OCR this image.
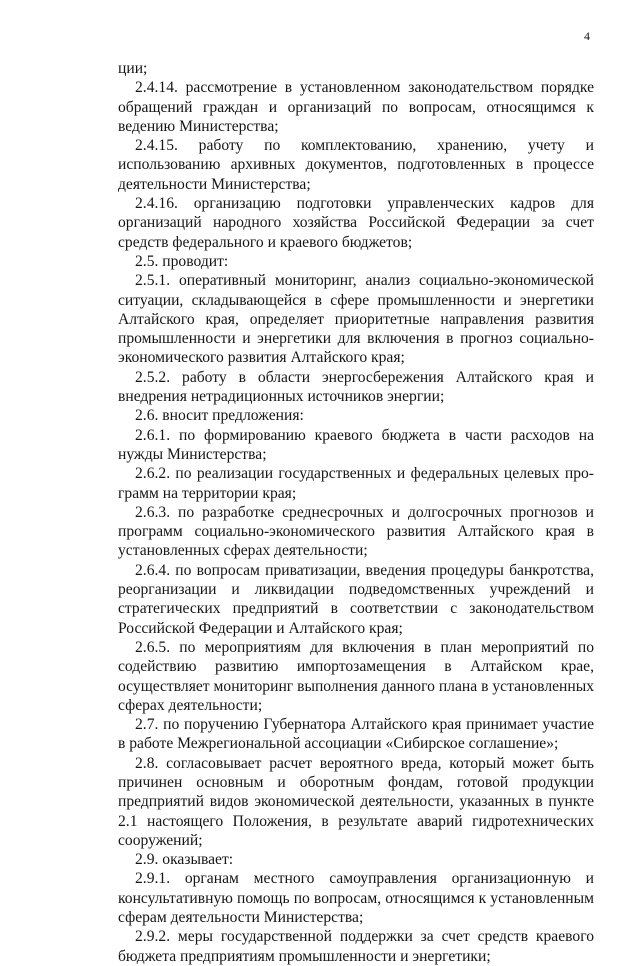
4

ции;

2.4.14. рассмотрение в установленном законодательством порядке обращений граждан и организаций по вопросам, относящимся к ведению Министерства;

2.4.15. работу по комплектованию, хранению, учету и использованию архивных документов, подготовленных в процессе деятельности Министерства;

2.4.16. организацию подготовки управленческих кадров для организаций народного хозяйства Российской Федерации за счет средств федерального и краевого бюджетов;

2.5. проводит:

2.5.1. оперативный мониторинг, анализ социально-экономической ситуации, складывающейся в сфере промышленности и энергетики Алтайского края, определяет приоритетные направления развития промышленности и энергетики для включения в прогноз социально-экономического развития Алтайского края;

2.5.2. работу в области энергосбережения Алтайского края и внедрения нетрадиционных источников энергии;

2.6. вносит предложения:

2.6.1. по формированию краевого бюджета в части расходов на нужды Министерства;

2.6.2. по реализации государственных и федеральных целевых программ на территории края;

2.6.3. по разработке среднесрочных и долгосрочных прогнозов и программ социально-экономического развития Алтайского края в установленных сферах деятельности;

2.6.4. по вопросам приватизации, введения процедуры банкротства, реорганизации и ликвидации подведомственных учреждений и стратегических предприятий в соответствии с законодательством Российской Федерации и Алтайского края;

2.6.5. по мероприятиям для включения в план мероприятий по содействию развитию импортозамещения в Алтайском крае, осуществляет мониторинг выполнения данного плана в установленных сферах деятельности;

2.7. по поручению Губернатора Алтайского края принимает участие в работе Межрегиональной ассоциации «Сибирское соглашение»;

2.8. согласовывает расчет вероятного вреда, который может быть причинен основным и оборотным фондам, готовой продукции предприятий видов экономической деятельности, указанных в пункте 2.1 настоящего Положения, в результате аварий гидротехнических сооружений;

2.9. оказывает:

2.9.1. органам местного самоуправления организационную и консультативную помощь по вопросам, относящимся к установленным сферам деятельности Министерства;

2.9.2. меры государственной поддержки за счет средств краевого бюджета предприятиям промышленности и энергетики;
